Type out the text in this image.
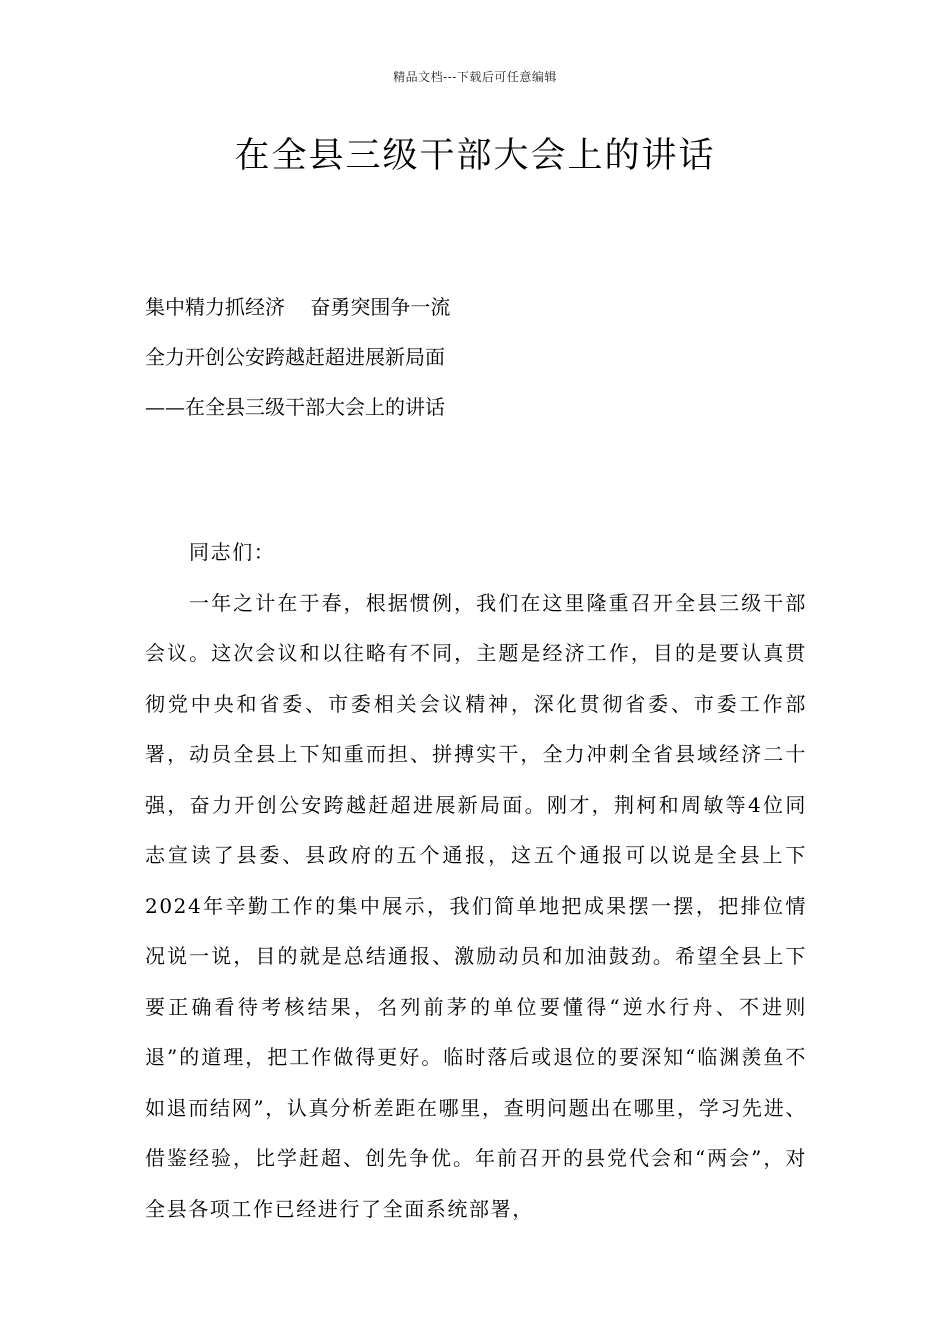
精品文档---下载后可任意编辑
在全县三级干部大会上的讲话
集中精力抓经济    奋勇突围争一流
全力开创公安跨越赶超进展新局面
——在全县三级干部大会上的讲话

同志们：

一年之计在于春，根据惯例，我们在这里隆重召开全县三级干部会议。这次会议和以往略有不同，主题是经济工作，目的是要认真贯彻党中央和省委、市委相关会议精神，深化贯彻省委、市委工作部署，动员全县上下知重而担、拼搏实干，全力冲刺全省县域经济二十强，奋力开创公安跨越赶超进展新局面。刚才，荆柯和周敏等4位同志宣读了县委、县政府的五个通报，这五个通报可以说是全县上下2024年辛勤工作的集中展示，我们简单地把成果摆一摆，把排位情况说一说，目的就是总结通报、激励动员和加油鼓劲。希望全县上下要正确看待考核结果，名列前茅的单位要懂得“逆水行舟、不进则退”的道理，把工作做得更好。临时落后或退位的要深知“临渊羡鱼不如退而结网”，认真分析差距在哪里，查明问题出在哪里，学习先进、借鉴经验，比学赶超、创先争优。年前召开的县党代会和“两会”，对全县各项工作已经进行了全面系统部署，
